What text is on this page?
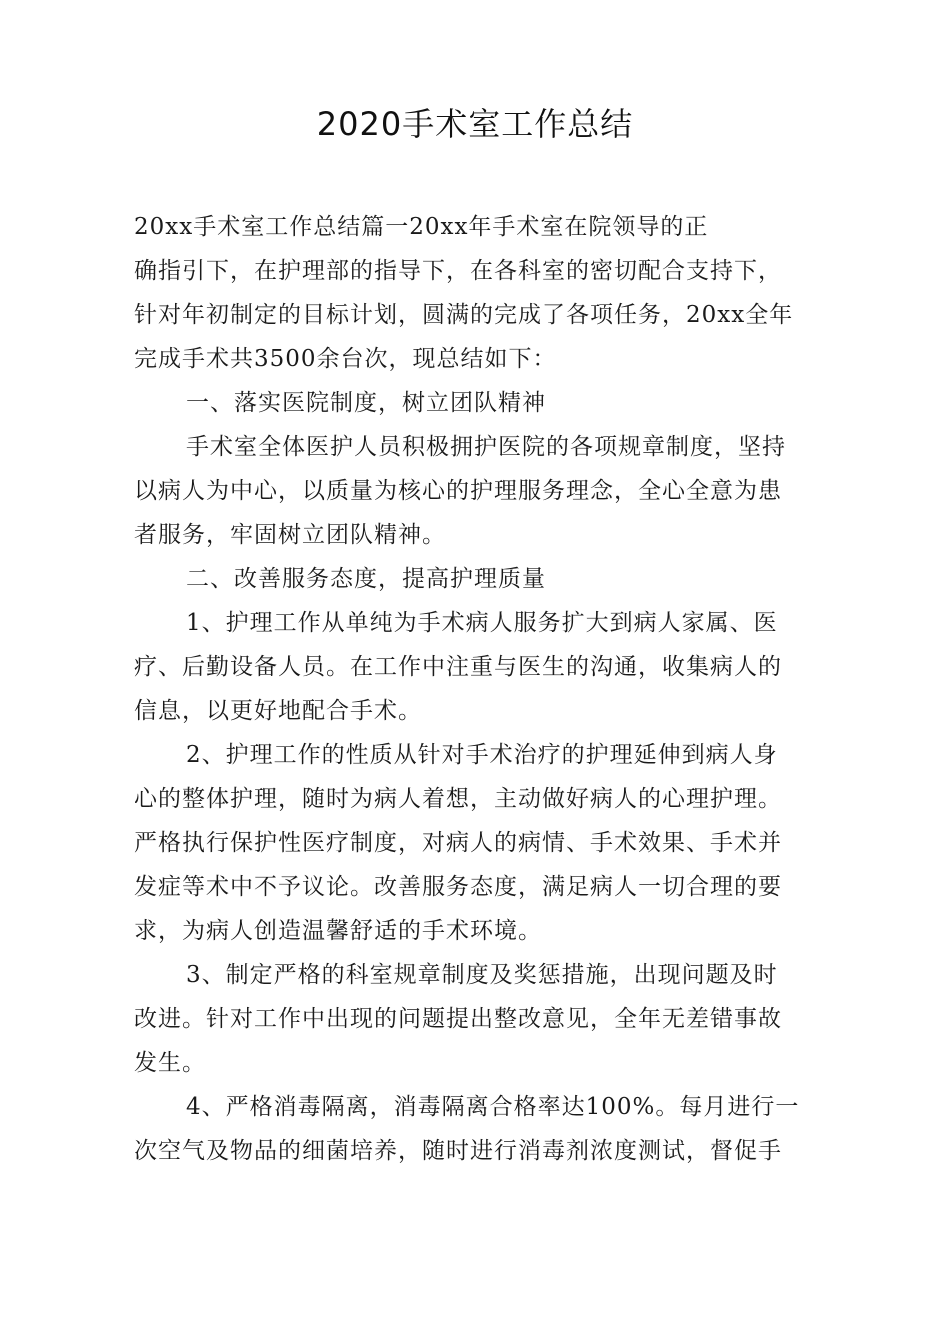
2020手术室工作总结
20xx手术室工作总结篇一20xx年手术室在院领导的正
确指引下，在护理部的指导下，在各科室的密切配合支持下，
针对年初制定的目标计划，圆满的完成了各项任务，20xx全年
完成手术共3500余台次，现总结如下：
一、落实医院制度，树立团队精神
手术室全体医护人员积极拥护医院的各项规章制度，坚持
以病人为中心，以质量为核心的护理服务理念，全心全意为患
者服务，牢固树立团队精神。
二、改善服务态度，提高护理质量
1、护理工作从单纯为手术病人服务扩大到病人家属、医
疗、后勤设备人员。在工作中注重与医生的沟通，收集病人的
信息，以更好地配合手术。
2、护理工作的性质从针对手术治疗的护理延伸到病人身
心的整体护理，随时为病人着想，主动做好病人的心理护理。
严格执行保护性医疗制度，对病人的病情、手术效果、手术并
发症等术中不予议论。改善服务态度，满足病人一切合理的要
求，为病人创造温馨舒适的手术环境。
3、制定严格的科室规章制度及奖惩措施，出现问题及时
改进。针对工作中出现的问题提出整改意见，全年无差错事故
发生。
4、严格消毒隔离，消毒隔离合格率达100%。每月进行一
次空气及物品的细菌培养，随时进行消毒剂浓度测试，督促手
